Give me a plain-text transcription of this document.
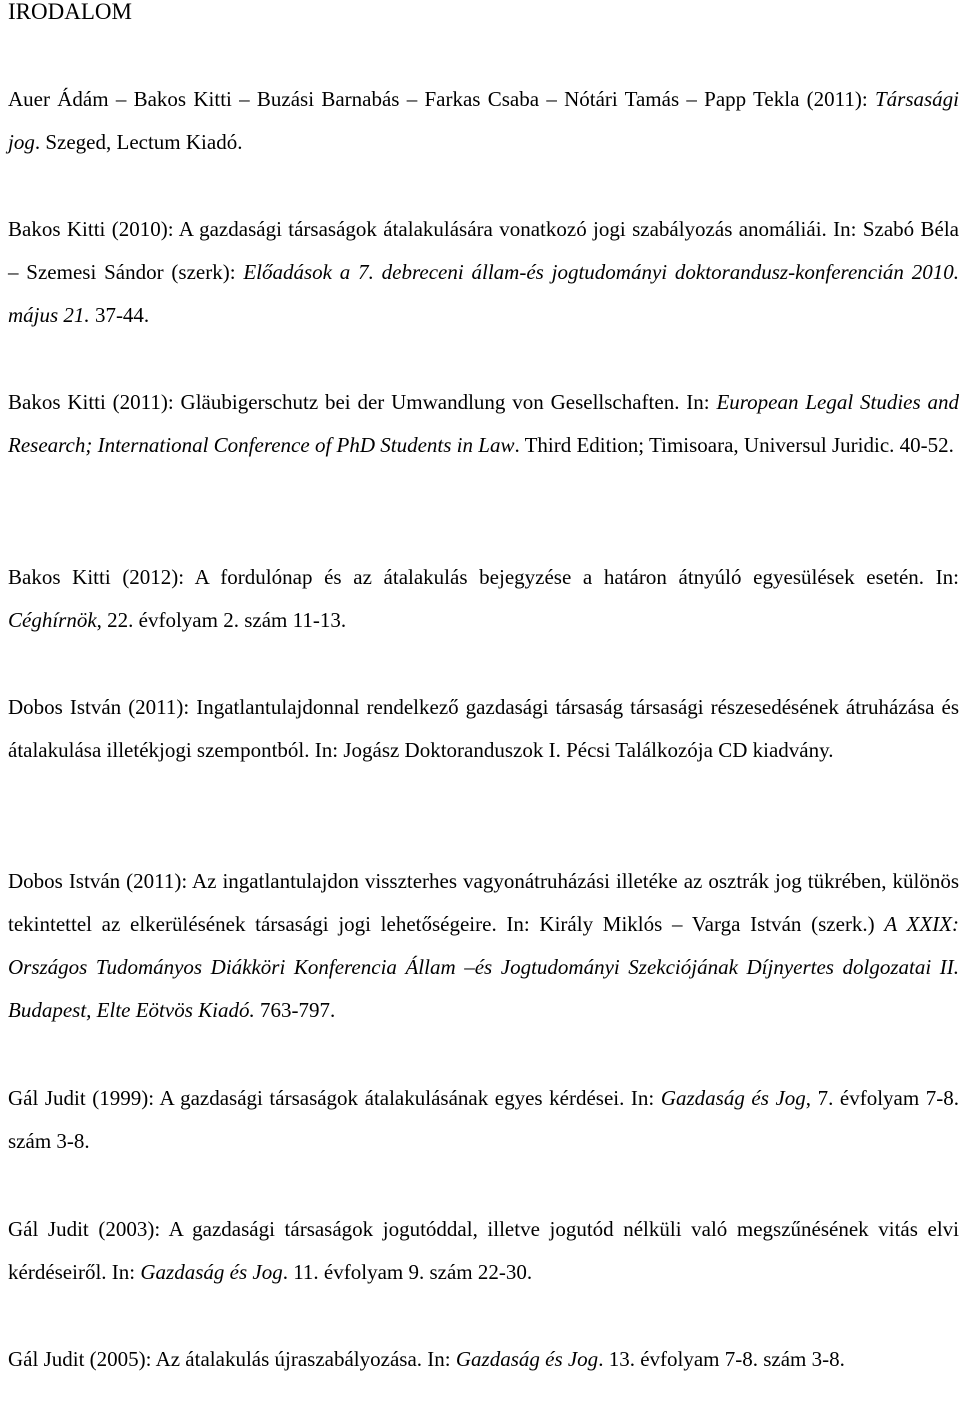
IRODALOM

Auer Ádám – Bakos Kitti – Buzási Barnabás – Farkas Csaba – Nótári Tamás – Papp Tekla (2011): Társasági jog. Szeged, Lectum Kiadó.

Bakos Kitti (2010): A gazdasági társaságok átalakulására vonatkozó jogi szabályozás anomáliái. In: Szabó Béla – Szemesi Sándor (szerk): Előadások a 7. debreceni állam-és jogtudományi doktorandusz-konferencián 2010. május 21. 37-44.

Bakos Kitti (2011): Gläubigerschutz bei der Umwandlung von Gesellschaften. In: European Legal Studies and Research; International Conference of PhD Students in Law. Third Edition; Timisoara, Universul Juridic. 40-52.

Bakos Kitti (2012): A fordulónap és az átalakulás bejegyzése a határon átnyúló egyesülések esetén. In: Céghírnök, 22. évfolyam 2. szám 11-13.

Dobos István (2011): Ingatlantulajdonnal rendelkező gazdasági társaság társasági részesedésének átruházása és átalakulása illetékjogi szempontból. In: Jogász Doktoranduszok I. Pécsi Találkozója CD kiadvány.

Dobos István (2011): Az ingatlantulajdon visszterhes vagyonátruházási illetéke az osztrák jog tükrében, különös tekintettel az elkerülésének társasági jogi lehetőségeire. In: Király Miklós – Varga István (szerk.) A XXIX: Országos Tudományos Diákköri Konferencia Állam –és Jogtudományi Szekciójának Díjnyertes dolgozatai II. Budapest, Elte Eötvös Kiadó. 763-797.

Gál Judit (1999): A gazdasági társaságok átalakulásának egyes kérdései. In: Gazdaság és Jog, 7. évfolyam 7-8. szám 3-8.

Gál Judit (2003): A gazdasági társaságok jogutóddal, illetve jogutód nélküli való megszűnésének vitás elvi kérdéseiről. In: Gazdaság és Jog. 11. évfolyam 9. szám 22-30.

Gál Judit (2005): Az átalakulás újraszabályozása. In: Gazdaság és Jog. 13. évfolyam 7-8. szám 3-8.
